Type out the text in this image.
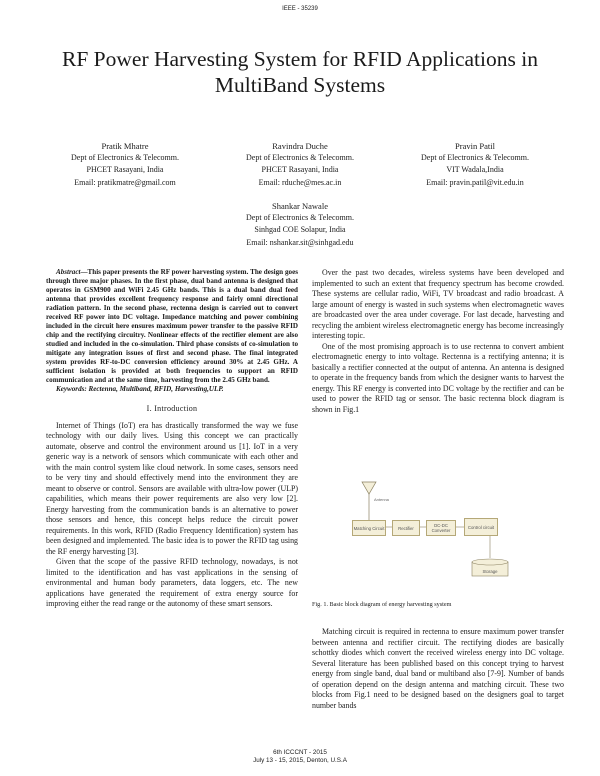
IEEE - 35239
RF Power Harvesting System for RFID Applications in MultiBand Systems
Pratik Mhatre
Dept of Electronics & Telecomm.
PHCET Rasayani, India
Email: pratikmatre@gmail.com
Ravindra Duche
Dept of Electronics & Telecomm.
PHCET Rasayani, India
Email: rduche@mes.ac.in
Pravin Patil
Dept of Electronics & Telecomm.
VIT Wadala,India
Email: pravin.patil@vit.edu.in
Shankar Nawale
Dept of Electronics & Telecomm.
Sinhgad COE Solapur, India
Email: nshankar.sit@sinhgad.edu

Abstract—This paper presents the RF power harvesting system. The design goes through three major phases. In the first phase, dual band antenna is designed that operates in GSM900 and WiFi 2.45 GHz bands. This is a dual band dual feed antenna that provides excellent frequency response and fairly omni directional radiation pattern. In the second phase, rectenna design is carried out to convert received RF power into DC voltage. Impedance matching and power combining included in the circuit here ensures maximum power transfer to the passive RFID chip and the rectifying circuitry. Nonlinear effects of the rectifier element are also studied and included in the co-simulation. Third phase consists of co-simulation to mitigate any integration issues of first and second phase. The final integrated system provides RF-to-DC conversion efficiency around 30% at 2.45 GHz. A sufficient isolation is provided at both frequencies to support an RFID communication and at the same time, harvesting from the 2.45 GHz band.

Keywords: Rectenna, Multiband, RFID, Harvesting,ULP.

I. Introduction

Internet of Things (IoT) era has drastically transformed the way we fuse technology with our daily lives. Using this concept we can practically automate, observe and control the environment around us [1]. IoT in a very generic way is a network of sensors which communicate with each other and with the main control system like cloud network. In some cases, sensors need to be very tiny and should effectively mend into the environment they are meant to observe or control. Sensors are available with ultra-low power (ULP) capabilities, which means their power requirements are also very low [2]. Energy harvesting from the communication bands is an alternative to power those sensors and hence, this concept helps reduce the circuit power requirements. In this work, RFID (Radio Frequency Identification) system has been designed and implemented. The basic idea is to power the RFID tag using the RF energy harvesting [3].

Given that the scope of the passive RFID technology, nowadays, is not limited to the identification and has vast applications in the sensing of environmental and human body parameters, data loggers, etc. The new applications have generated the requirement of extra energy source for improving either the read range or the autonomy of these smart sensors.

Over the past two decades, wireless systems have been developed and implemented to such an extent that frequency spectrum has become crowded. These systems are cellular radio, WiFi, TV broadcast and radio broadcast. A large amount of energy is wasted in such systems when electromagnetic waves are broadcasted over the area under coverage. For last decade, harvesting and recycling the ambient wireless electromagnetic energy has become increasingly interesting topic.

One of the most promising approach is to use rectenna to convert ambient electromagnetic energy to into voltage. Rectenna is a rectifying antenna; it is basically a rectifier connected at the output of antenna. An antenna is designed to operate in the frequency bands from which the designer wants to harvest the energy. This RF energy is converted into DC voltage by the rectifier and can be used to power the RFID tag or sensor. The basic rectenna block diagram is shown in Fig.1

Antenna
Matching Circuit	Rectifier	DC-DC Converter
Control circuit
Storage
Fig. 1. Basic block diagram of energy harvesting system

Matching circuit is required in rectenna to ensure maximum power transfer between antenna and rectifier circuit. The rectifying diodes are basically schottky diodes which convert the received wireless energy into DC voltage. Several literature has been published based on this concept trying to harvest energy from single band, dual band or multiband also [7-9]. Number of bands of operation depend on the design antenna and matching circuit. These two blocks from Fig.1 need to be designed based on the designers goal to target number bands

6th ICCCNT - 2015
July 13 - 15, 2015, Denton, U.S.A
